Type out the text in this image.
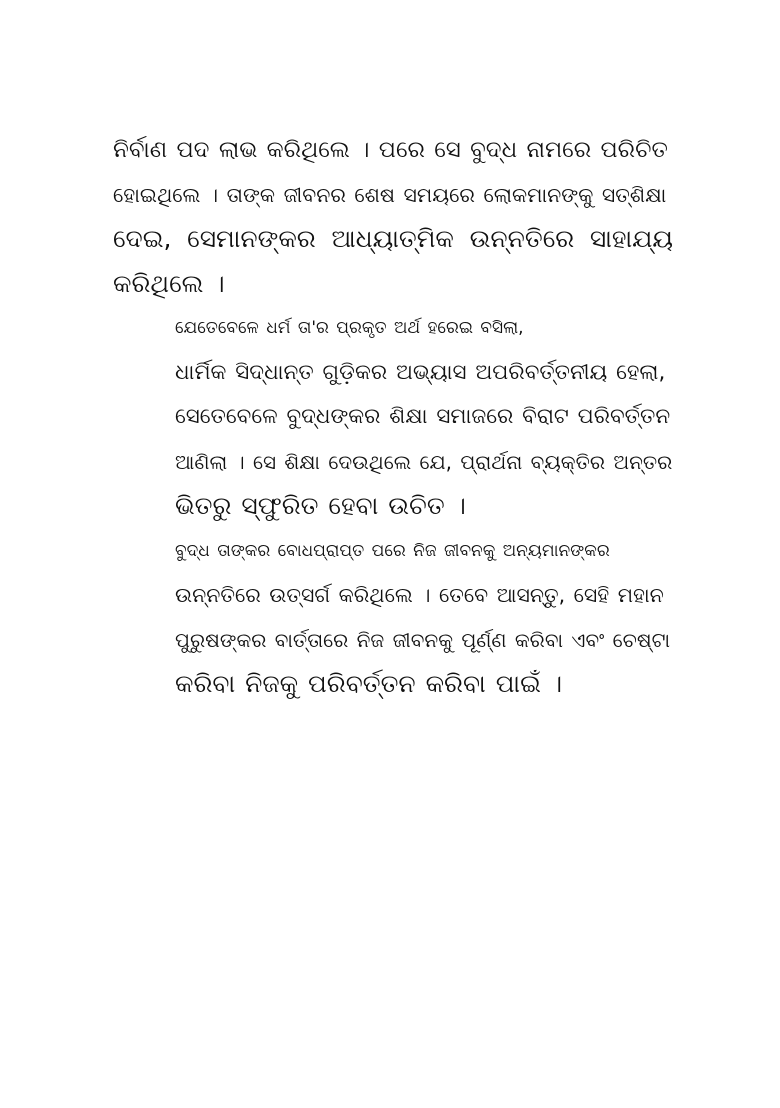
ନିର୍ବାଣ ପଦ ଲାଭ କରିଥିଲେ । ପରେ ସେ ବୁଦ୍ଧ ନାମରେ ପରିଚିତ
ହୋଇଥିଲେ । ତାଙ୍କ ଜୀବନର ଶେଷ ସମୟରେ ଲୋକମାନଙ୍କୁ ସତ୍‌ଶିକ୍ଷା
ଦେଇ, ସେମାନଙ୍କର ଆଧ୍ୟାତ୍ମିକ ଉନ୍ନତିରେ ସାହାଯ୍ୟ କରିଥିଲେ ।

ଯେତେବେଳେ ଧର୍ମ ତା'ର ପ୍ରକୃତ ଅର୍ଥ ହରେଇ ବସିଲା,
ଧାର୍ମିକ ସିଦ୍ଧାନ୍ତ ଗୁଡ଼ିକର ଅଭ୍ୟାସ ଅପରିବର୍ତ୍ତନୀୟ ହେଲା,
ସେତେବେଳେ ବୁଦ୍ଧଙ୍କର ଶିକ୍ଷା ସମାଜରେ ବିରାଟ ପରିବର୍ତ୍ତନ
ଆଣିଲା । ସେ ଶିକ୍ଷା ଦେଉଥିଲେ ଯେ, ପ୍ରାର୍ଥନା ବ୍ୟକ୍ତିର ଅନ୍ତର
ଭିତରୁ ସ୍ଫୁରିତ ହେବା ଉଚିତ ।

ବୁଦ୍ଧ ତାଙ୍କର ବୋଧପ୍ରାପ୍ତ ପରେ ନିଜ ଜୀବନକୁ ଅନ୍ୟମାନଙ୍କର
ଉନ୍ନତିରେ ଉତ୍ସର୍ଗ କରିଥିଲେ । ତେବେ ଆସନ୍ତୁ, ସେହି ମହାନ
ପୁରୁଷଙ୍କର ବାର୍ତ୍ତାରେ ନିଜ ଜୀବନକୁ ପୂର୍ଣ୍ଣ କରିବା ଏବଂ ଚେଷ୍ଟା
କରିବା ନିଜକୁ ପରିବର୍ତ୍ତନ କରିବା ପାଇଁ ।
